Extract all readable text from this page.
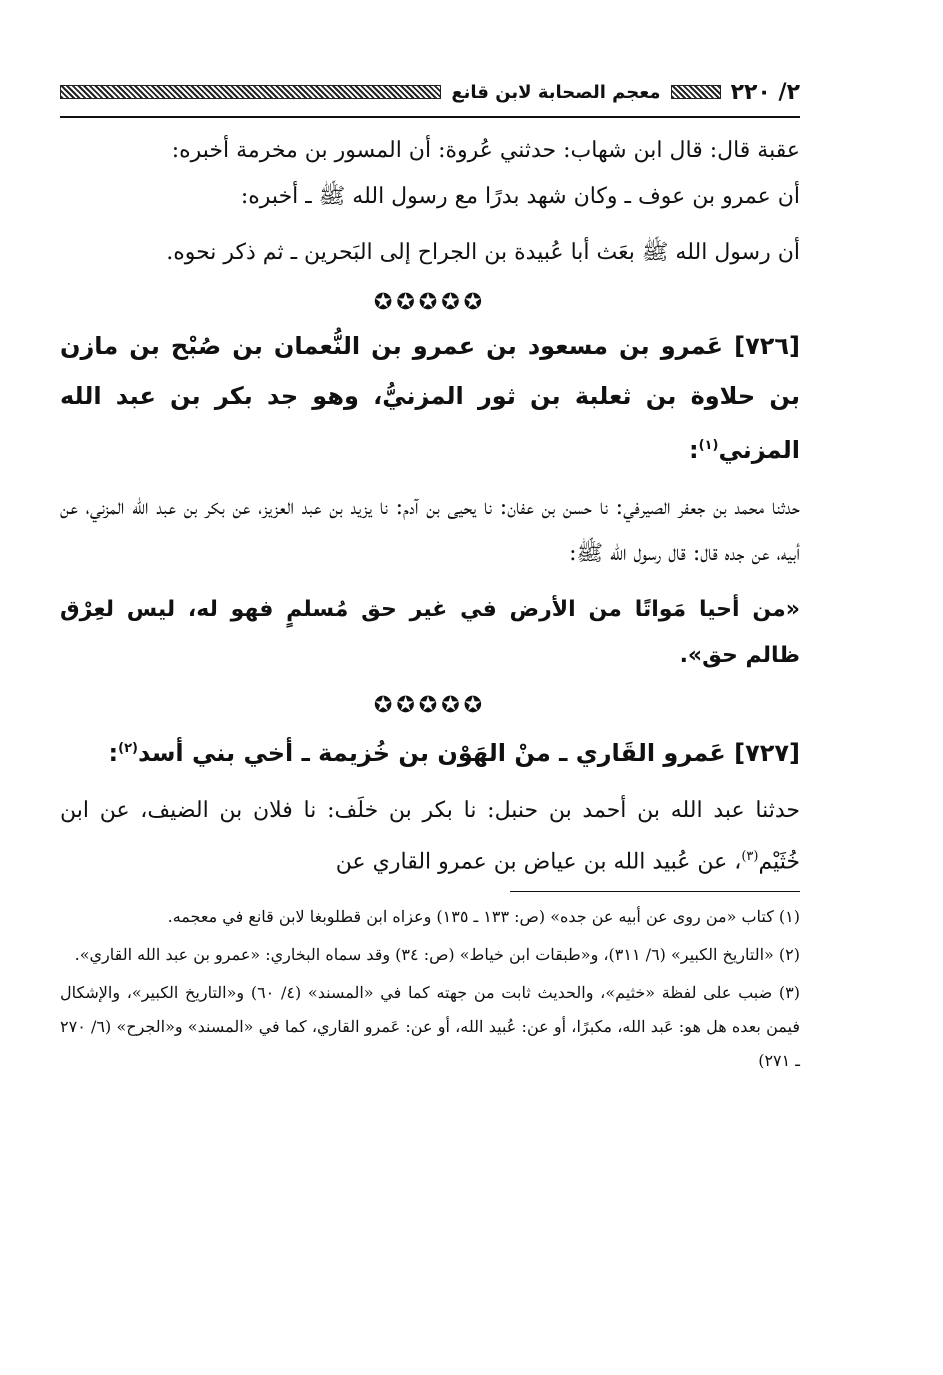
٢/ ٢٢٠
معجم الصحابة لابن قانع

عقبة قال: قال ابن شهاب: حدثني عُروة: أن المسور بن مخرمة أخبره:

أن عمرو بن عوف ـ وكان شهد بدرًا مع رسول الله ﷺ ـ أخبره:

أن رسول الله ﷺ بعَث أبا عُبيدة بن الجراح إلى البَحرين ـ ثم ذكر نحوه.

✪✪✪✪✪

[٧٢٦] عَمرو بن مسعود بن عمرو بن النُّعمان بن صُبْح بن مازن بن حلاوة بن ثعلبة بن ثور المزنيُّ، وهو جد بكر بن عبد الله المزني$^{(١)}$:

حدثنا محمد بن جعفر الصيرفي: نا حسن بن عفان: نا يحيى بن آدم: نا يزيد بن عبد العزيز، عن بكر بن عبد الله المزني، عن أبيه، عن جده قال: قال رسول الله ﷺ:

«من أحيا مَواتًا من الأرض في غير حق مُسلمٍ فهو له، ليس لعِرْق ظالم حق».

✪✪✪✪✪

[٧٢٧] عَمرو القَاري ـ منْ الهَوْن بن خُزيمة ـ أخي بني أسد$^{(٢)}$:

حدثنا عبد الله بن أحمد بن حنبل: نا بكر بن خلَف: نا فلان بن الضيف، عن ابن خُثَيْم$^{(٣)}$، عن عُبيد الله بن عياض بن عمرو القاري عن

(١) كتاب «من روى عن أبيه عن جده» (ص: ١٣٣ ـ ١٣٥) وعزاه ابن قطلوبغا لابن قانع في معجمه.

(٢) «التاريخ الكبير» (٦/ ٣١١)، و«طبقات ابن خياط» (ص: ٣٤) وقد سماه البخاري: «عمرو بن عبد الله القاري».

(٣) ضبب على لفظة «خثيم»، والحديث ثابت من جهته كما في «المسند» (٤/ ٦٠) و«التاريخ الكبير»، والإشكال فيمن بعده هل هو: عَبد الله، مكبرًا، أو عن: عُبيد الله، أو عن: عَمرو القاري، كما في «المسند» و«الجرح» (٦/ ٢٧٠ ـ ٢٧١)
